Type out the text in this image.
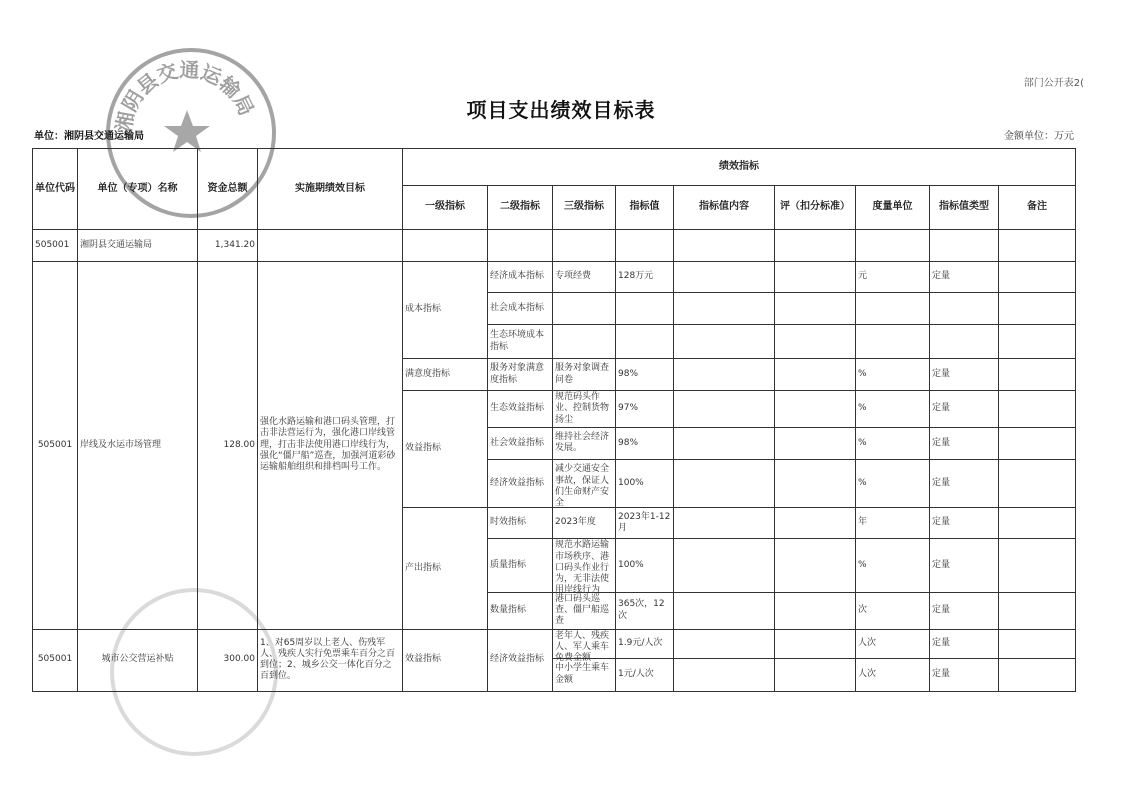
湘阴县交通运输局
部门公开表2(
项目支出绩效目标表
单位：湘阴县交通运输局	金额单位：万元
单位代码	单位（专项）名称	资金总额	实施期绩效目标	绩效指标								
				一级指标	二级指标	三级指标	指标值	指标值内容	评（扣分标准）	度量单位	指标值类型	备注
505001	湘阴县交通运输局	1,341.20										
505001	岸线及水运市场管理	128.00	强化水路运输和港口码头管理，打击非法营运行为，强化港口岸线管理，打击非法使用港口岸线行为，强化“僵尸船”巡查，加强河道彩砂运输船舶组织和排档叫号工作。	成本指标	经济成本指标	专项经费	128万元			元	定量	
					社会成本指标							
					生态环境成本指标							
				满意度指标	服务对象满意度指标	服务对象调查问卷	98%			%	定量	
				效益指标	生态效益指标	规范码头作业、控制货物扬尘	97%			%	定量	
					社会效益指标	维持社会经济发展。	98%			%	定量	
					经济效益指标	减少交通安全事故，保证人们生命财产安全	100%			%	定量	
				产出指标	时效指标	2023年度	2023年1-12月			年	定量	
					质量指标	规范水路运输市场秩序、港口码头作业行为，无非法使用岸线行为	100%			%	定量	
					数量指标	港口码头巡查、僵尸船巡查	365次，12次			次	定量	
505001	城市公交营运补贴	300.00	1、对65周岁以上老人、伤残军人、残疾人实行免票乘车百分之百到位；2、城乡公交一体化百分之百到位。	效益指标	经济效益指标	老年人、残疾人、军人乘车免费金额	1.9元/人次			人次	定量	
						中小学生乘车金额	1元/人次			人次	定量	
